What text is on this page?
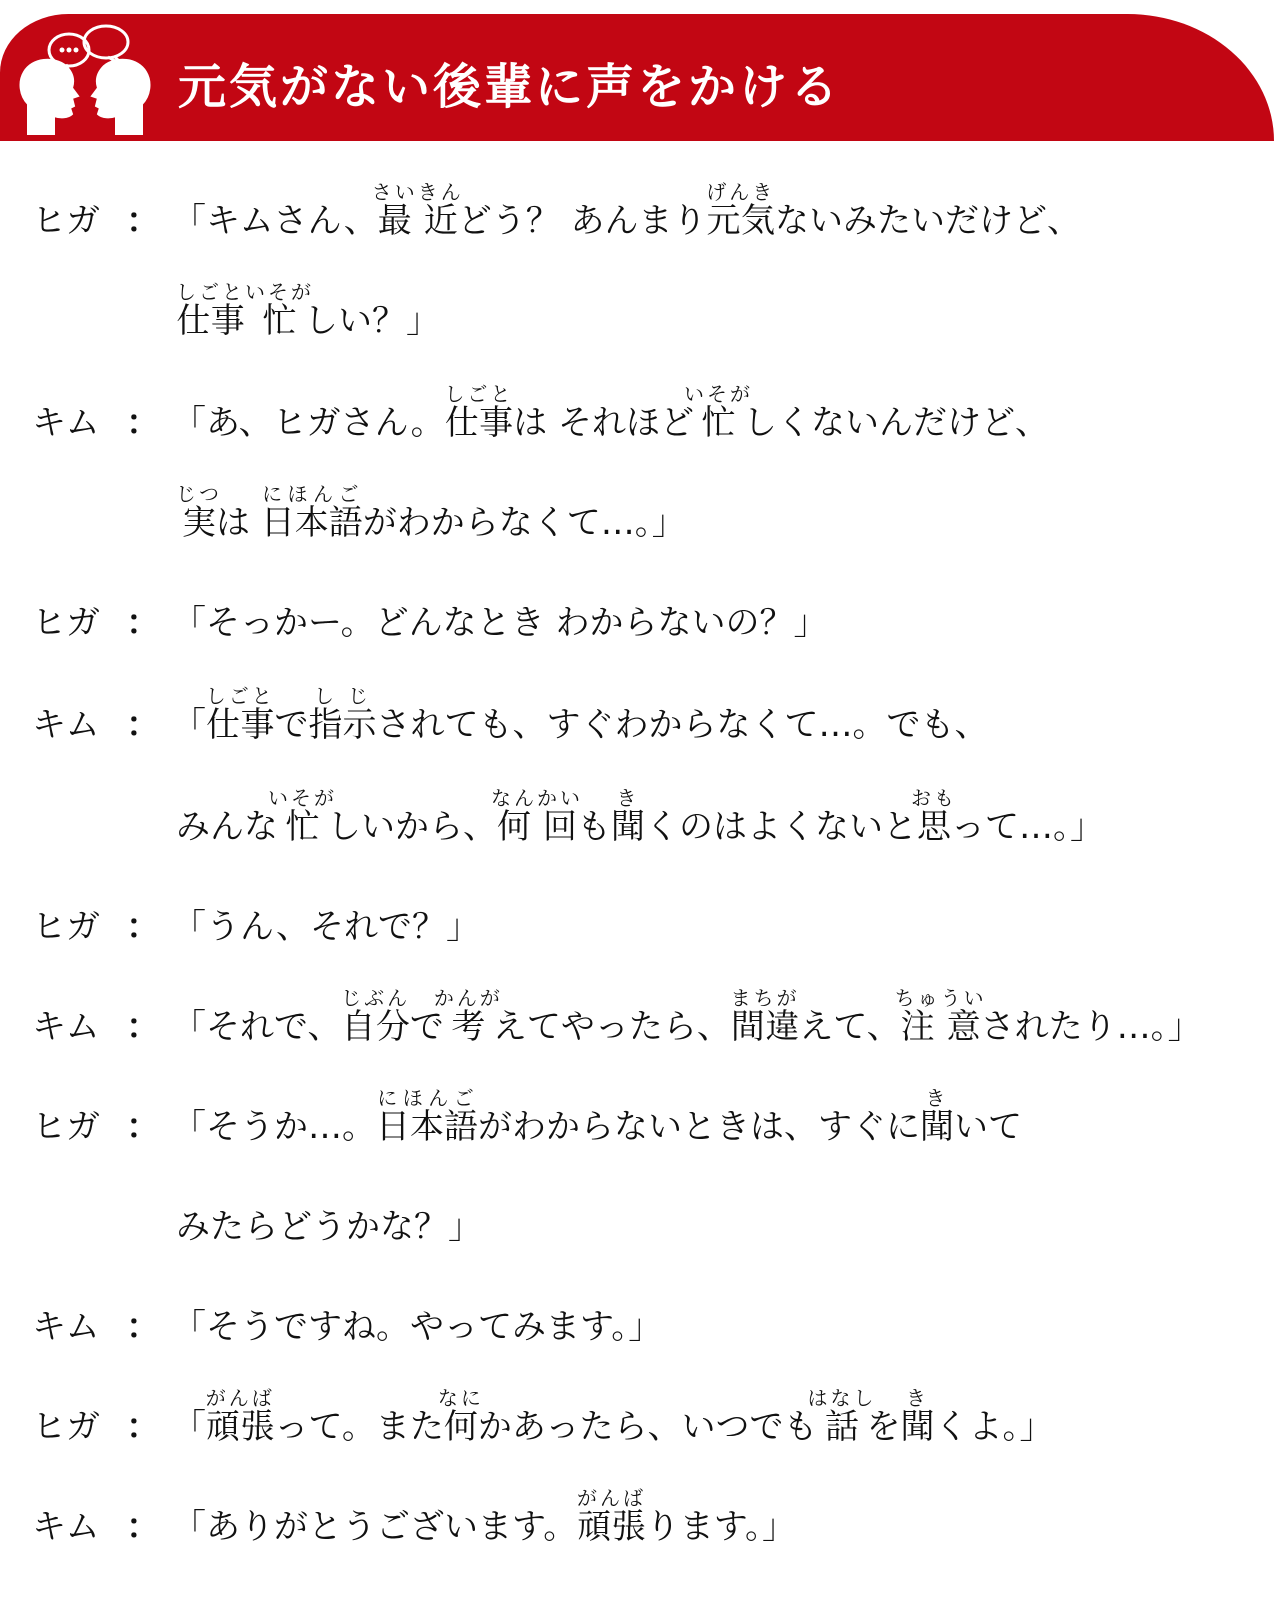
元気がない後輩に声をかける
ヒガ ： 「キムさん、最近さいきんどう？ あんまり元気げんきないみたいだけど、
仕事しごと忙いそがしい？」
キム ： 「あ、ヒガさん。仕事しごとは それほど忙いそがしくないんだけど、
実じつは 日本語にほんごがわからなくて…。」
ヒガ ： 「そっかー。どんなとき わからないの？」
キム ： 「仕事しごとで指示しじされても、すぐわからなくて…。でも、
みんな忙いそがしいから、何回なんかいも聞きくのはよくないと思おもって…。」
ヒガ ： 「うん、それで？」
キム ： 「それで、自分じぶんで考かんがえてやったら、間違まちがえて、注意ちゅういされたり…。」
ヒガ ： 「そうか…。日本語にほんごがわからないときは、すぐに聞きいて
みたらどうかな？」
キム ： 「そうですね。やってみます。」
ヒガ ： 「頑張がんばって。また何なにかあったら、いつでも話はなしを聞きくよ。」
キム ： 「ありがとうございます。頑張がんばります。」
